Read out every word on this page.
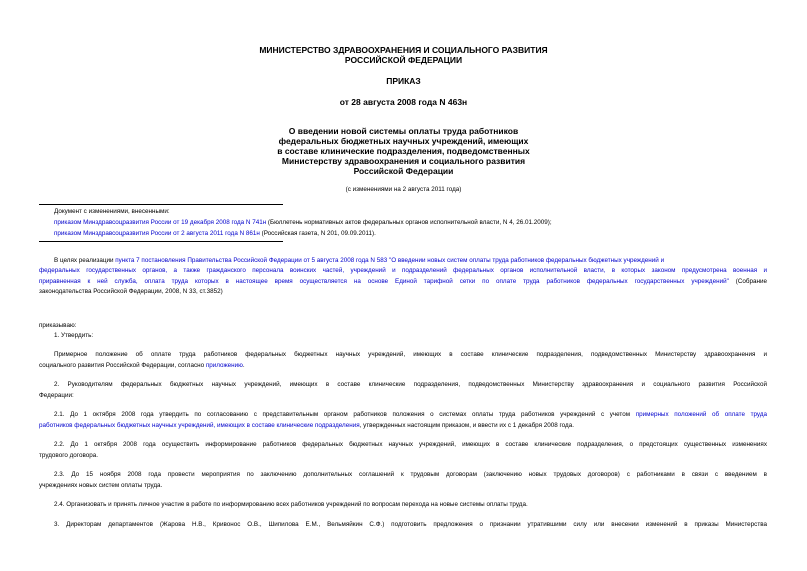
МИНИСТЕРСТВО ЗДРАВООХРАНЕНИЯ И СОЦИАЛЬНОГО РАЗВИТИЯ
РОССИЙСКОЙ ФЕДЕРАЦИИ
ПРИКАЗ
от 28 августа 2008 года N 463н
О введении новой системы оплаты труда работников
федеральных бюджетных научных учреждений, имеющих
в составе клинические подразделения, подведомственных
Министерству здравоохранения и социального развития
Российской Федерации
(с изменениями на 2 августа 2011 года)
Документ с изменениями, внесенными:
приказом Минздравсоцразвития России от 19 декабря 2008 года N 741н (Бюллетень нормативных актов федеральных органов исполнительной власти, N 4, 26.01.2009);
приказом Минздравсоцразвития России от 2 августа 2011 года N 861н (Российская газета, N 201, 09.09.2011).
В целях реализации пункта 7 постановления Правительства Российской Федерации от 5 августа 2008 года N 583 "О введении новых систем оплаты труда работников федеральных бюджетных учреждений и
федеральных государственных органов, а также гражданского персонала воинских частей, учреждений и подразделений федеральных органов исполнительной власти, в которых законом предусмотрена военная и
приравненная к ней служба, оплата труда которых в настоящее время осуществляется на основе Единой тарифной сетки по оплате труда работников федеральных государственных учреждений" (Собрание
законодательства Российской Федерации, 2008, N 33, ст.3852)
приказываю:
1. Утвердить:
Примерное положение об оплате труда работников федеральных бюджетных научных учреждений, имеющих в составе клинические подразделения, подведомственных Министерству здравоохранения и
социального развития Российской Федерации, согласно приложению.
2. Руководителям федеральных бюджетных научных учреждений, имеющих в составе клинические подразделения, подведомственных Министерству здравоохранения и социального развития Российской
Федерации:
2.1. До 1 октября 2008 года утвердить по согласованию с представительным органом работников положения о системах оплаты труда работников учреждений с учетом примерных положений об оплате труда
работников федеральных бюджетных научных учреждений, имеющих в составе клинические подразделения, утвержденных настоящим приказом, и ввести их с 1 декабря 2008 года.
2.2. До 1 октября 2008 года осуществить информирование работников федеральных бюджетных научных учреждений, имеющих в составе клинические подразделения, о предстоящих существенных изменениях
трудового договора.
2.3. До 15 ноября 2008 года провести мероприятия по заключению дополнительных соглашений к трудовым договорам (заключению новых трудовых договоров) с работниками в связи с введением в
учреждениях новых систем оплаты труда.
2.4. Организовать и принять личное участие в работе по информированию всех работников учреждений по вопросам перехода на новые системы оплаты труда.
3. Директорам департаментов (Жарова Н.В., Кривонос О.В., Шипилова Е.М., Вельмяйкин С.Ф.) подготовить предложения о признании утратившими силу или внесении изменений в приказы Министерства
